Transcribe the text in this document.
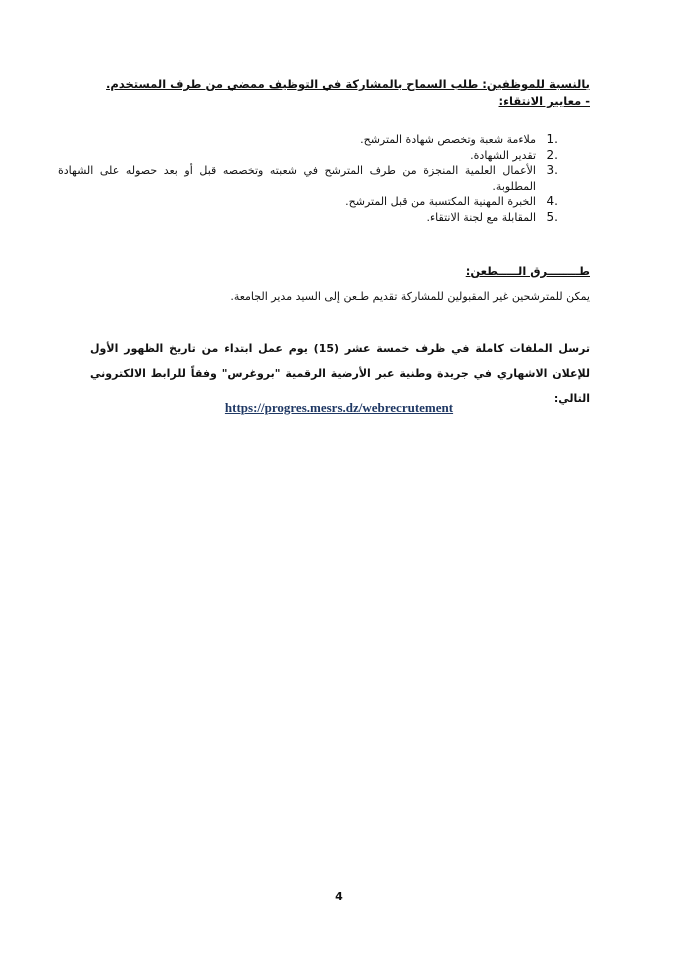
بالنسبة للموظفين: طلب السماح بالمشاركة في التوظيف ممضي من طرف المستخدم.
- معايير الانتقاء:
1.
ملاءمة شعبة وتخصص شهادة المترشح.
2.
تقدير الشهادة.
3.
الأعمال العلمية المنجزة من طرف المترشح في شعبته وتخصصه قبل أو بعد حصوله على الشهادة المطلوبة.
4.
الخبرة المهنية المكتسبة من قبل المترشح.
5.
المقابلة مع لجنة الانتقاء.
طــــــــرق الـــــطعن:
يمكن للمترشحين غير المقبولين للمشاركة تقديم طـعن إلى السيد مدير الجامعة.
ترسل الملفات كاملة في ظرف خمسة عشر (15) يوم عمل ابتداء من تاريخ الظهور الأول للإعلان الاشهاري في جريدة وطنية عبر الأرضية الرقمية "بروغرس" وفقاً للرابط الالكتروني التالي:
https://progres.mesrs.dz/webrecrutement
4
